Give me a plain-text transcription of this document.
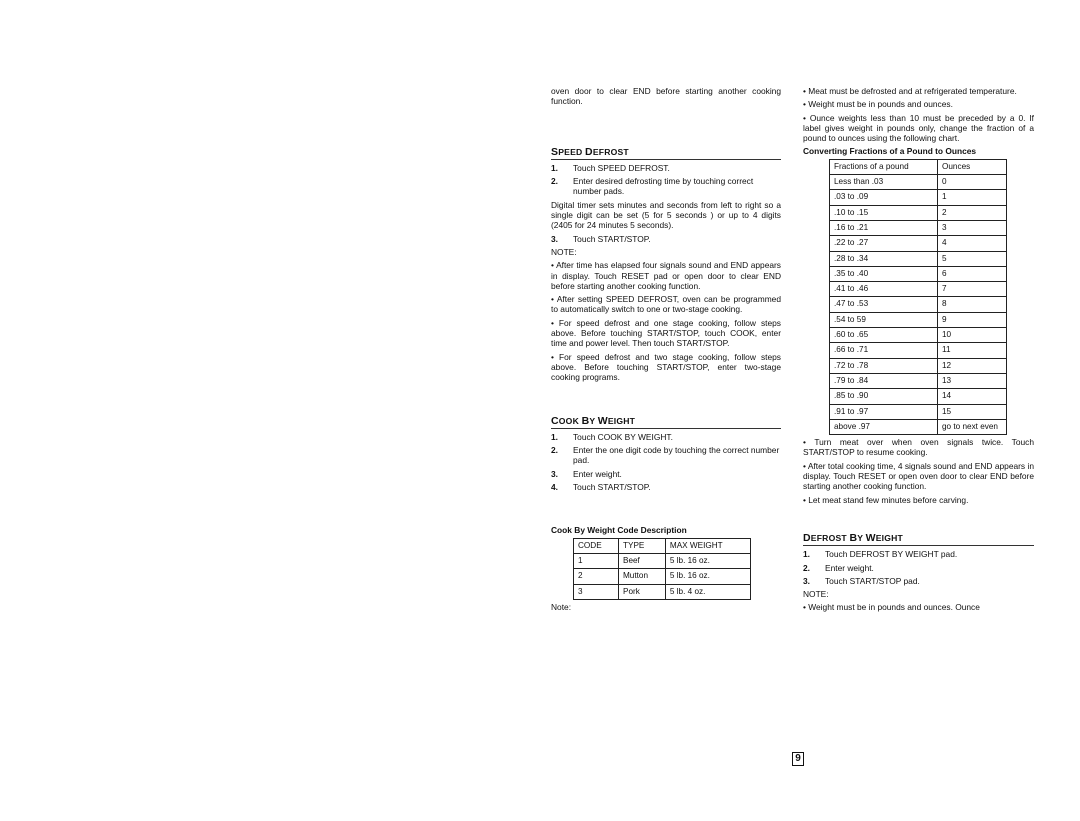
oven door to clear END before starting another cooking function.

SPEED DEFROST
1. Touch SPEED DEFROST.
2. Enter desired defrosting time by touching correct number pads.

Digital timer sets minutes and seconds from left to right so a single digit can be set (5 for 5 seconds ) or up to 4 digits (2405 for 24 minutes 5 seconds).

3. Touch START/STOP.

NOTE:

• After time has elapsed four signals sound and END appears in display. Touch RESET pad or open door to clear END before starting another cooking function.

• After setting SPEED DEFROST, oven can be programmed to automatically switch to one or two-stage cooking.

• For speed defrost and one stage cooking, follow steps above. Before touching START/STOP, touch COOK, enter time and power level. Then touch START/STOP.

• For speed defrost and two stage cooking, follow steps above. Before touching START/STOP, enter two-stage cooking programs.

COOK BY WEIGHT
1. Touch COOK BY WEIGHT.
2. Enter the one digit code by touching the correct number pad.
3. Enter weight.
4. Touch START/STOP.
Cook By Weight Code Description
CODE	TYPE	MAX WEIGHT
1	Beef	5 lb. 16 oz.
2	Mutton	5 lb. 16 oz.
3	Pork	5 lb. 4 oz.

Note:

• Meat must be defrosted and at refrigerated temperature.

• Weight must be in pounds and ounces.

• Ounce weights less than 10 must be preceded by a 0. If label gives weight in pounds only, change the fraction of a pound to ounces using the following chart.

Converting Fractions of a Pound to Ounces
Fractions of a pound	Ounces
Less than .03	0
.03 to .09	1
.10 to .15	2
.16 to .21	3
.22 to .27	4
.28 to .34	5
.35 to .40	6
.41 to .46	7
.47 to .53	8
.54 to 59	9
.60 to .65	10
.66 to .71	11
.72 to .78	12
.79 to .84	13
.85 to .90	14
.91 to .97	15
above .97	go to next even

• Turn meat over when oven signals twice. Touch START/STOP to resume cooking.

• After total cooking time, 4 signals sound and END appears in display. Touch RESET or open oven door to clear END before starting another cooking function.

• Let meat stand few minutes before carving.

DEFROST BY WEIGHT
1. Touch DEFROST BY WEIGHT pad.
2. Enter weight.
3. Touch START/STOP pad.

NOTE:

• Weight must be in pounds and ounces. Ounce

9
